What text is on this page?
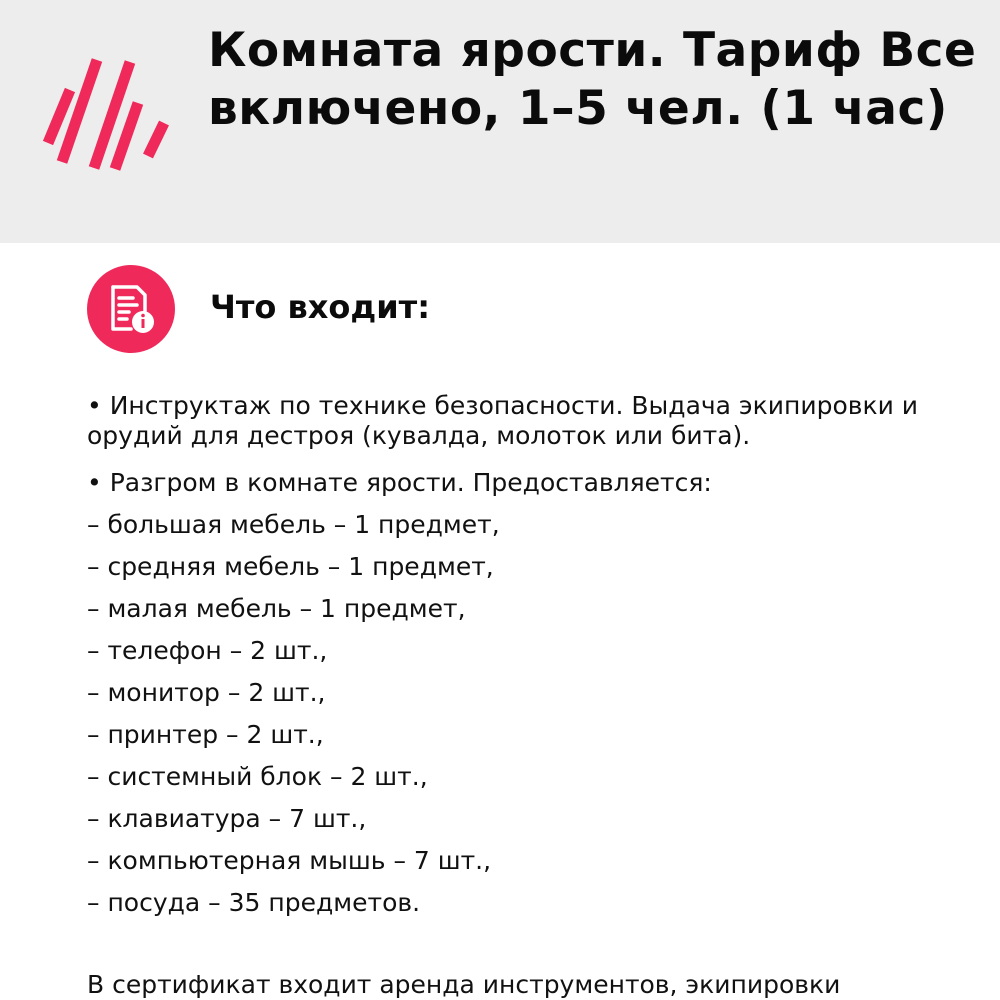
Комната ярости. Тариф Все включено, 1–5 чел. (1 час)
Что входит:
• Инструктаж по технике безопасности. Выдача экипировки и орудий для дестроя (кувалда, молоток или бита).
• Разгром в комнате ярости. Предоставляется:
– большая мебель – 1 предмет,
– средняя мебель – 1 предмет,
– малая мебель – 1 предмет,
– телефон – 2 шт.,
– монитор – 2 шт.,
– принтер – 2 шт.,
– системный блок – 2 шт.,
– клавиатура – 7 шт.,
– компьютерная мышь – 7 шт.,
– посуда – 35 предметов.
В сертификат входит аренда инструментов, экипировки
